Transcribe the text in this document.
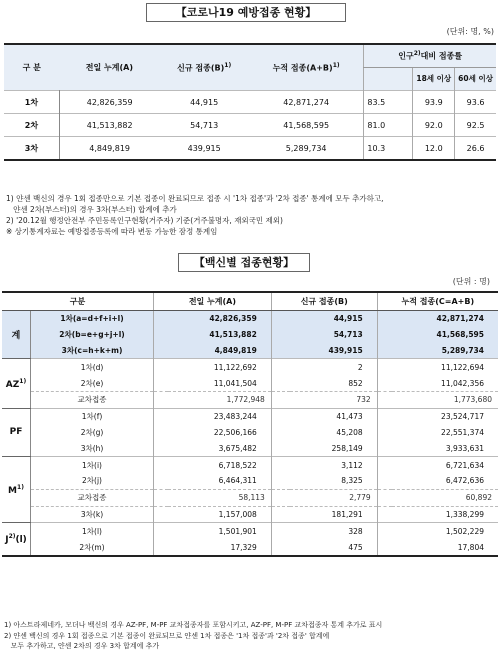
【코로나19 예방접종 현황】
(단위: 명, %)
구 분	전일 누계(A)	신규 접종$(B)^{1)}$	누적 접종$(A+B)^{1)}$	인구$^{2)}$대비 접종률		

					18세 이상	60세 이상

1차	42,826,359	44,915	42,871,274	83.5	93.9	93.6
2차	41,513,882	54,713	41,568,595	81.0	92.0	92.5
3차	4,849,819	439,915	5,289,734	10.3	12.0	26.6
1) 얀센 백신의 경우 1회 접종만으로 기본 접종이 완료되므로 접종 시 '1차 접종'과 '2차 접종' 통계에 모두 추가하고,
얀센 2차(부스터)의 경우 3차(부스터) 합계에 추가
2) '20.12월 행정안전부 주민등록인구현황(거주자) 기준(거주불명자, 재외국민 제외)
※ 상기통계자료는 예방접종등록에 따라 변동 가능한 잠정 통계임
【백신별 접종현황】
(단위 : 명)
구분		전일 누계(A)		신규 접종(B)		누적 접종(C=A+B)	
계	1차(a=d+f+i+l)	42,826,359		44,915		42,871,274	
	2차(b=e+g+j+l)	41,513,882		54,713		41,568,595	
	3차(c=h+k+m)	4,849,819		439,915		5,289,734	
AZ$^{1)}$	1차(d)	11,122,692		2		11,122,694	
	2차(e)	11,041,504		852		11,042,356	
	교차접종		1,772,948		732		1,773,680
PF	1차(f)	23,483,244		41,473		23,524,717	
	2차(g)	22,506,166		45,208		22,551,374	
	3차(h)	3,675,482		258,149		3,933,631	
$M^{1)}$	1차(i)	6,718,522		3,112		6,721,634	
	2차(j)	6,464,311		8,325		6,472,636	
	교차접종		58,113		2,779		60,892
	3차(k)	1,157,008		181,291		1,338,299	
$J^{2)}(l)$	1차(l)	1,501,901		328		1,502,229	
	2차(m)	17,329		475		17,804	
1) 아스트라제네카, 모더나 백신의 경우 AZ-PF, M-PF 교차접종자를 포함시키고, AZ-PF, M-PF 교차접종자 통계 추가로 표시
2) 얀센 백신의 경우 1회 접종으로 기본 접종이 완료되므로 얀센 1차 접종은 '1차 접종'과 '2차 접종' 합계에
모두 추가하고, 얀센 2차의 경우 3차 합계에 추가
